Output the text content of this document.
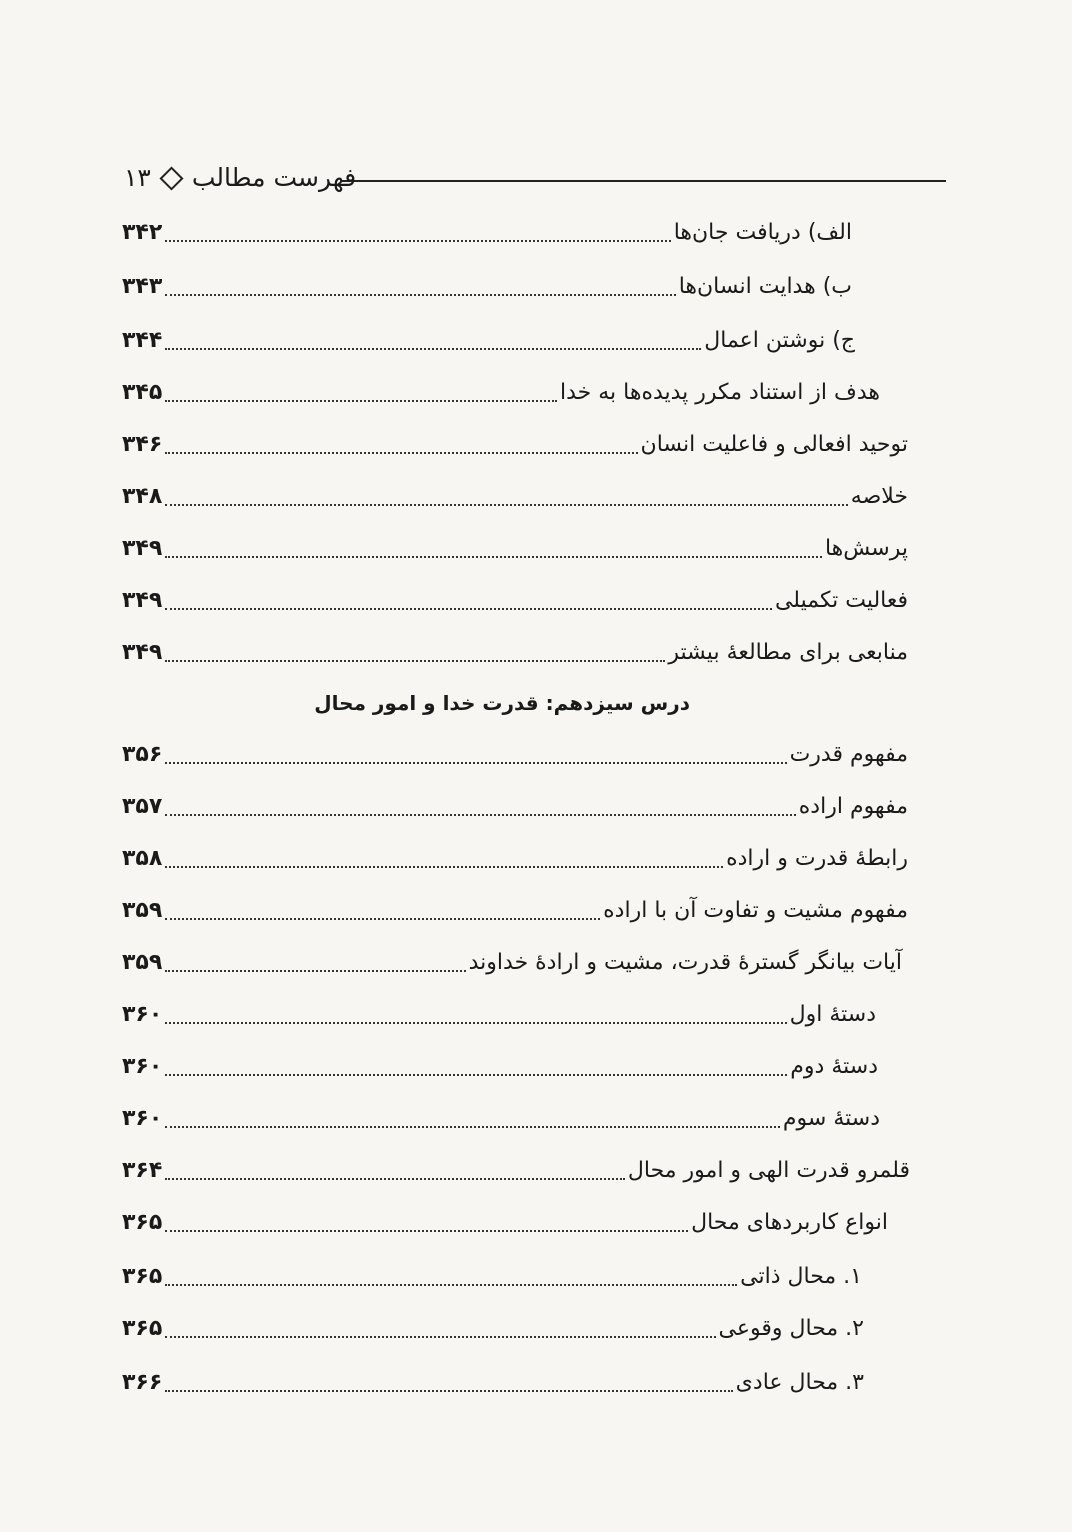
فهرست مطالب
۱۳
الف) دریافت جان‌ها
۳۴۲
ب) هدایت انسان‌ها
۳۴۳
ج) نوشتن اعمال
۳۴۴
هدف از استناد مکرر پدیده‌ها به خدا
۳۴۵
توحید افعالی و فاعلیت انسان
۳۴۶
خلاصه
۳۴۸
پرسش‌ها
۳۴۹
فعالیت تکمیلی
۳۴۹
منابعی برای مطالعهٔ بیشتر
۳۴۹
درس سیزدهم: قدرت خدا و امور محال
مفهوم قدرت
۳۵۶
مفهوم اراده
۳۵۷
رابطهٔ قدرت و اراده
۳۵۸
مفهوم مشیت و تفاوت آن با اراده
۳۵۹
آیات بیانگر گسترهٔ قدرت، مشیت و ارادهٔ خداوند
۳۵۹
دستهٔ اول
۳۶۰
دستهٔ دوم
۳۶۰
دستهٔ سوم
۳۶۰
قلمرو قدرت الهی و امور محال
۳۶۴
انواع کاربردهای محال
۳۶۵
۱. محال ذاتی
۳۶۵
۲. محال وقوعی
۳۶۵
۳. محال عادی
۳۶۶
